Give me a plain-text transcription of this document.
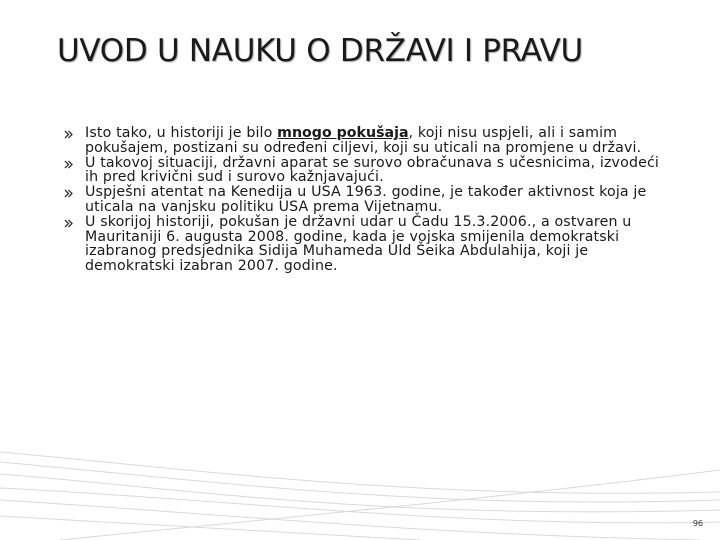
UVOD U NAUKU O DRŽAVI I PRAVU
Isto tako, u historiji je bilo mnogo pokušaja, koji nisu uspjeli, ali i samim pokušajem, postizani su određeni ciljevi, koji su uticali na promjene u državi.
U takovoj situaciji, državni aparat se surovo obračunava s učesnicima, izvodeći ih pred krivični sud i surovo kažnjavajući.
Uspješni atentat na Kenedija u USA 1963. godine, je također aktivnost koja je uticala na vanjsku politiku USA prema Vijetnamu.
U skorijoj historiji, pokušan je državni udar u Čadu 15.3.2006., a ostvaren u Mauritaniji 6. augusta 2008. godine, kada je vojska smijenila demokratski izabranog predsjednika Sidija Muhameda Uld Šeika Abdulahija, koji je demokratski izabran 2007. godine.
96
